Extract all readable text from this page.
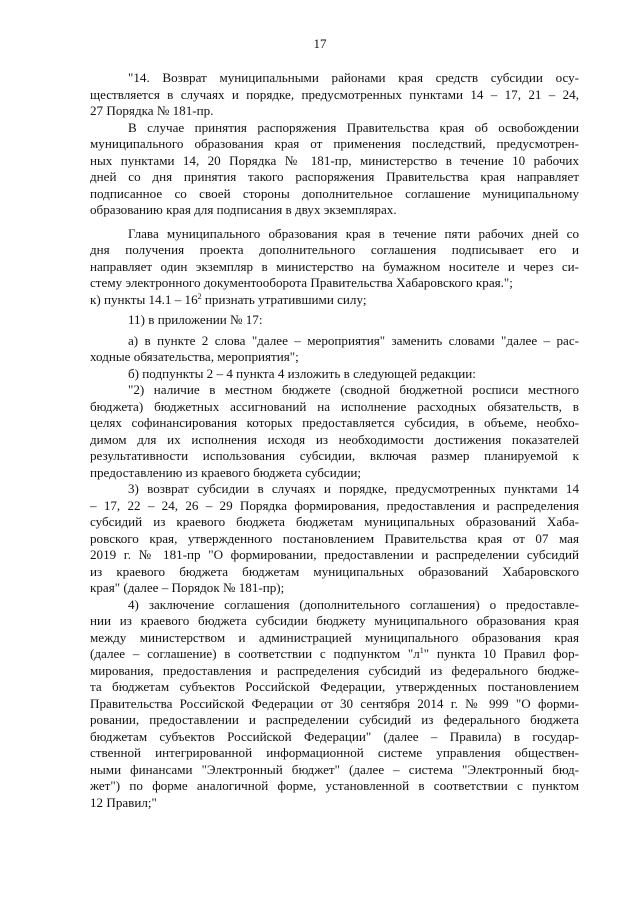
17
"14. Возврат муниципальными районами края средств субсидии осу-
ществляется в случаях и порядке, предусмотренных пунктами 14 – 17, 21 – 24,
27 Порядка № 181-пр.
В случае принятия распоряжения Правительства края об освобождении
муниципального образования края от применения последствий, предусмотрен-
ных пунктами 14, 20 Порядка № 181-пр, министерство в течение 10 рабочих
дней со дня принятия такого распоряжения Правительства края направляет
подписанное со своей стороны дополнительное соглашение муниципальному
образованию края для подписания в двух экземплярах.
Глава муниципального образования края в течение пяти рабочих дней со
дня получения проекта дополнительного соглашения подписывает его и
направляет один экземпляр в министерство на бумажном носителе и через си-
стему электронного документооборота Правительства Хабаровского края.";
к) пункты $14.1 - 16^2$ признать утратившими силу;
11) в приложении № 17:
а) в пункте 2 слова "далее – мероприятия" заменить словами "далее – рас-
ходные обязательства, мероприятия";
б) подпункты 2 – 4 пункта 4 изложить в следующей редакции:
"2) наличие в местном бюджете (сводной бюджетной росписи местного
бюджета) бюджетных ассигнований на исполнение расходных обязательств, в
целях софинансирования которых предоставляется субсидия, в объеме, необхо-
димом для их исполнения исходя из необходимости достижения показателей
результативности использования субсидии, включая размер планируемой к
предоставлению из краевого бюджета субсидии;
3) возврат субсидии в случаях и порядке, предусмотренных пунктами 14
– 17, 22 – 24, 26 – 29 Порядка формирования, предоставления и распределения
субсидий из краевого бюджета бюджетам муниципальных образований Хаба-
ровского края, утвержденного постановлением Правительства края от 07 мая
2019 г. № 181-пр "О формировании, предоставлении и распределении субсидий
из краевого бюджета бюджетам муниципальных образований Хабаровского
края" (далее – Порядок № 181-пр);
4) заключение соглашения (дополнительного соглашения) о предоставле-
нии из краевого бюджета субсидии бюджету муниципального образования края
между министерством и администрацией муниципального образования края
(далее – соглашение) в соответствии с подпунктом "$л^1$" пункта 10 Правил фор-
мирования, предоставления и распределения субсидий из федерального бюдже-
та бюджетам субъектов Российской Федерации, утвержденных постановлением
Правительства Российской Федерации от 30 сентября 2014 г. № 999 "О форми-
ровании, предоставлении и распределении субсидий из федерального бюджета
бюджетам субъектов Российской Федерации" (далее – Правила) в государ-
ственной интегрированной информационной системе управления обществен-
ными финансами "Электронный бюджет" (далее – система "Электронный бюд-
жет") по форме аналогичной форме, установленной в соответствии с пунктом
12 Правил;"
